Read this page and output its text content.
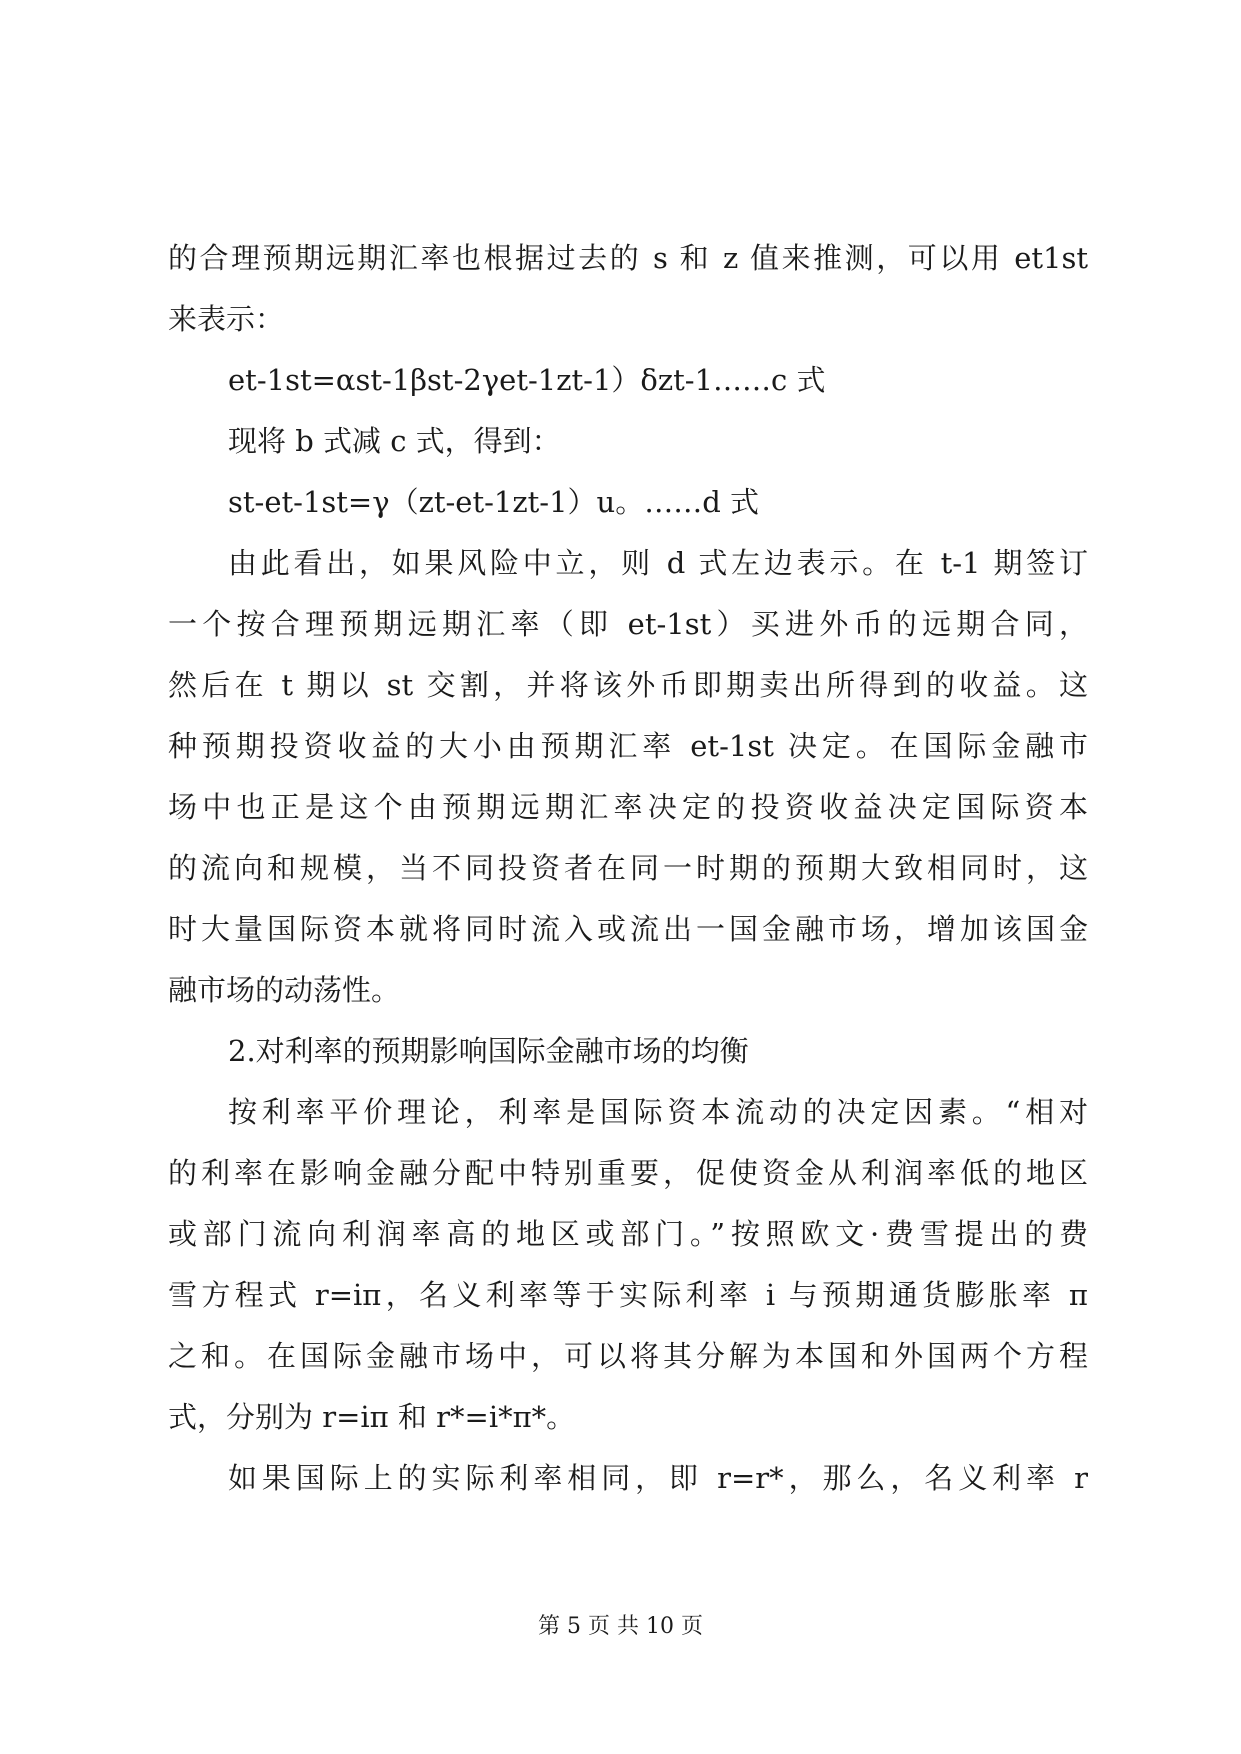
的合理预期远期汇率也根据过去的 s 和 z 值来推测，可以用 et1st
来表示：
et-1st=αst-1βst-2γet-1zt-1）δzt-1……c 式
现将 b 式减 c 式，得到：
st-et-1st=γ（zt-et-1zt-1）u。……d 式
由此看出，如果风险中立，则 d 式左边表示。在 t-1 期签订
一个按合理预期远期汇率（即 et-1st）买进外币的远期合同，
然后在 t 期以 st 交割，并将该外币即期卖出所得到的收益。这
种预期投资收益的大小由预期汇率 et-1st 决定。在国际金融市
场中也正是这个由预期远期汇率决定的投资收益决定国际资本
的流向和规模，当不同投资者在同一时期的预期大致相同时，这
时大量国际资本就将同时流入或流出一国金融市场，增加该国金
融市场的动荡性。
2.对利率的预期影响国际金融市场的均衡
按利率平价理论，利率是国际资本流动的决定因素。“相对
的利率在影响金融分配中特别重要，促使资金从利润率低的地区
或部门流向利润率高的地区或部门。”按照欧文·费雪提出的费
雪方程式 r=iπ，名义利率等于实际利率 i 与预期通货膨胀率 π
之和。在国际金融市场中，可以将其分解为本国和外国两个方程
式，分别为 r=iπ 和 r*=i*π*。
如果国际上的实际利率相同，即 r=r*，那么，名义利率 r
第 5 页 共 10 页
